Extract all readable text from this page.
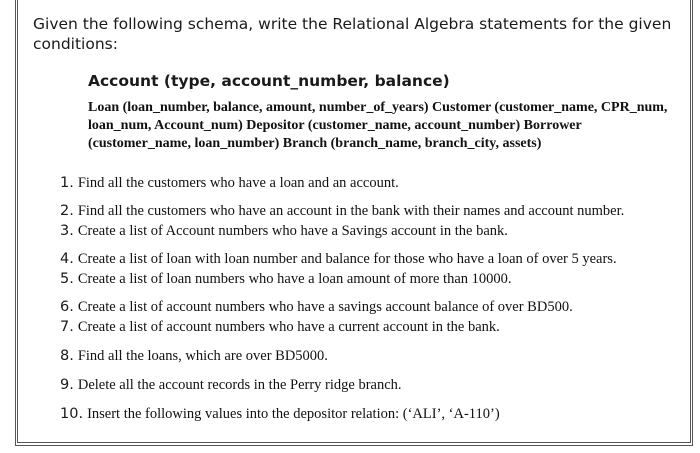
Given the following schema, write the Relational Algebra statements for the given conditions:
Account (type, account_number, balance)
Loan (loan_number, balance, amount, number_of_years) Customer (customer_name, CPR_num, loan_num, Account_num) Depositor (customer_name, account_number) Borrower (customer_name, loan_number) Branch (branch_name, branch_city, assets)
1. Find all the customers who have a loan and an account.
2. Find all the customers who have an account in the bank with their names and account number.
3. Create a list of Account numbers who have a Savings account in the bank.
4. Create a list of loan with loan number and balance for those who have a loan of over 5 years.
5. Create a list of loan numbers who have a loan amount of more than 10000.
6. Create a list of account numbers who have a savings account balance of over BD500.
7. Create a list of account numbers who have a current account in the bank.
8. Find all the loans, which are over BD5000.
9. Delete all the account records in the Perry ridge branch.
10. Insert the following values into the depositor relation: (‘ALI’, ‘A-110’)
